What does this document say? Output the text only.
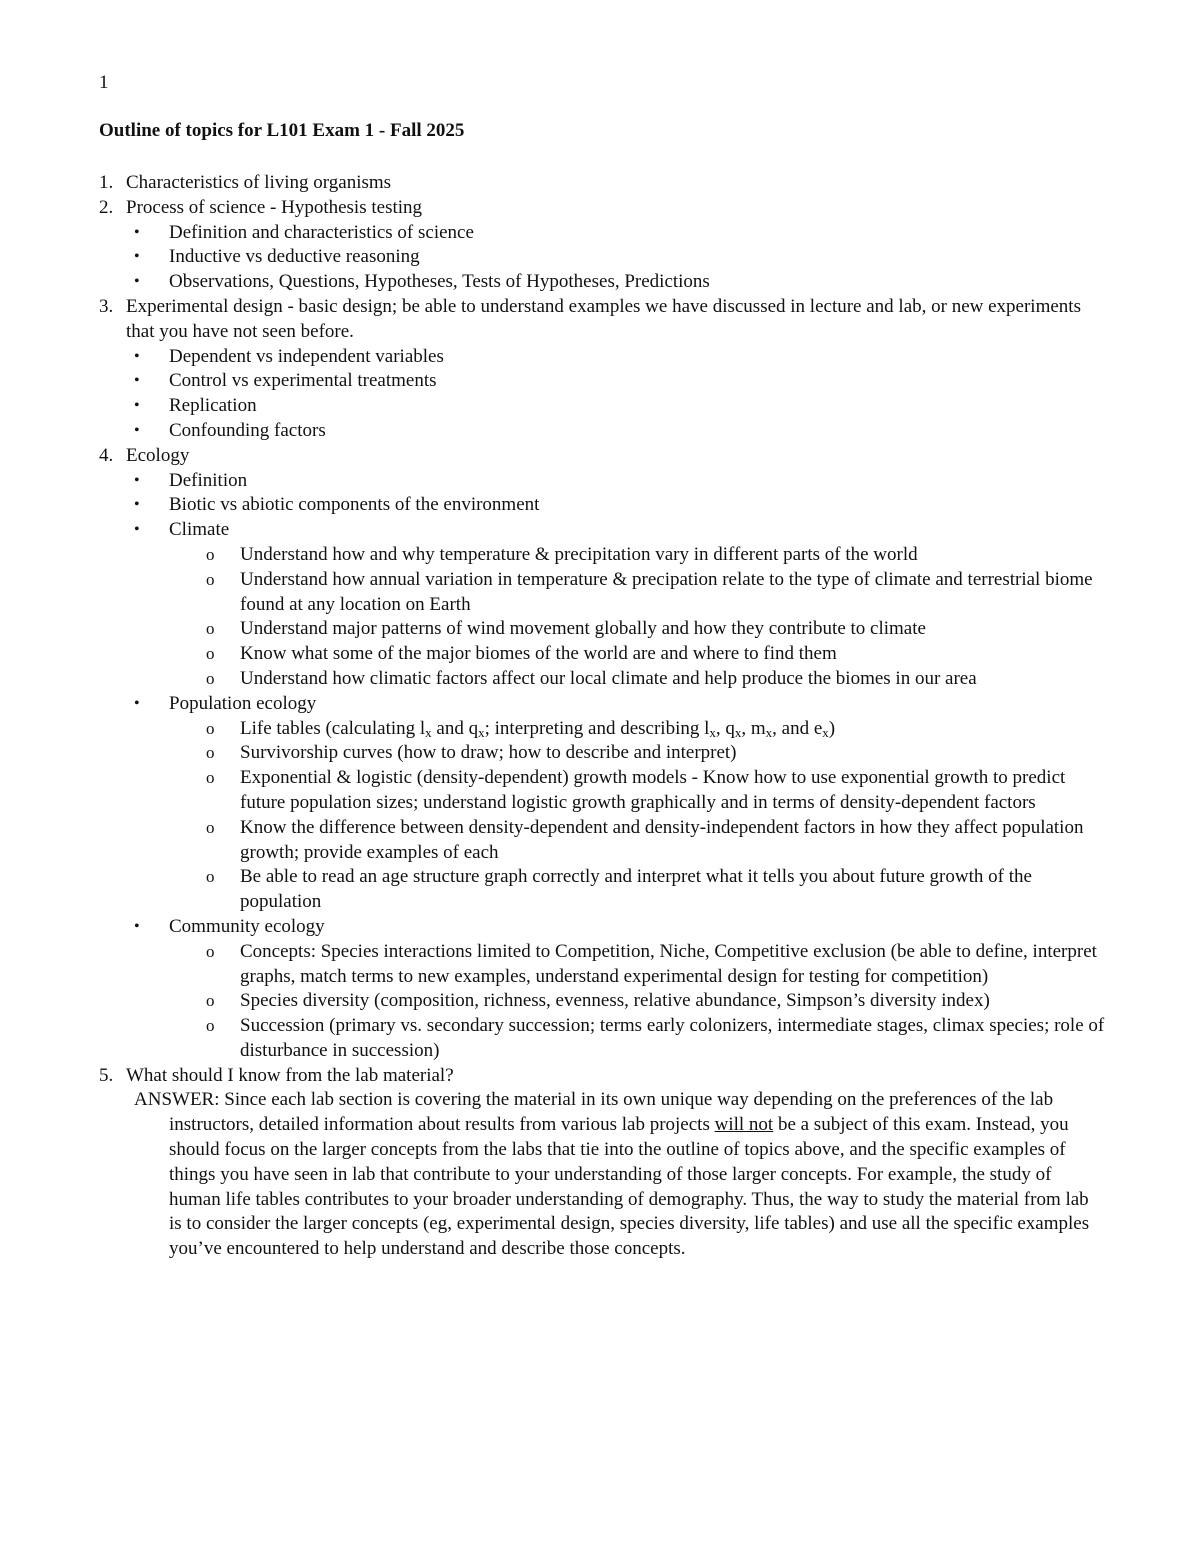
1
Outline of topics for L101 Exam 1 - Fall 2025
1. Characteristics of living organisms
2. Process of science - Hypothesis testing
• Definition and characteristics of science
• Inductive vs deductive reasoning
• Observations, Questions, Hypotheses, Tests of Hypotheses, Predictions
3. Experimental design - basic design; be able to understand examples we have discussed in lecture and lab, or new experiments that you have not seen before.
• Dependent vs independent variables
• Control vs experimental treatments
• Replication
• Confounding factors
4. Ecology
• Definition
• Biotic vs abiotic components of the environment
• Climate
o Understand how and why temperature & precipitation vary in different parts of the world
o Understand how annual variation in temperature & precipation relate to the type of climate and terrestrial biome found at any location on Earth
o Understand major patterns of wind movement globally and how they contribute to climate
o Know what some of the major biomes of the world are and where to find them
o Understand how climatic factors affect our local climate and help produce the biomes in our area
• Population ecology
o Life tables (calculating $l_x$ and $q_x$; interpreting and describing $l_x$, $q_x$, $m_x$, and $e_x$)
o Survivorship curves (how to draw; how to describe and interpret)
o Exponential & logistic (density-dependent) growth models - Know how to use exponential growth to predict future population sizes; understand logistic growth graphically and in terms of density-dependent factors
o Know the difference between density-dependent and density-independent factors in how they affect population growth; provide examples of each
o Be able to read an age structure graph correctly and interpret what it tells you about future growth of the population
• Community ecology
o Concepts: Species interactions limited to Competition, Niche, Competitive exclusion (be able to define, interpret graphs, match terms to new examples, understand experimental design for testing for competition)
o Species diversity (composition, richness, evenness, relative abundance, Simpson’s diversity index)
o Succession (primary vs. secondary succession; terms early colonizers, intermediate stages, climax species; role of disturbance in succession)
5. What should I know from the lab material?
ANSWER: Since each lab section is covering the material in its own unique way depending on the preferences of the lab instructors, detailed information about results from various lab projects will not be a subject of this exam. Instead, you should focus on the larger concepts from the labs that tie into the outline of topics above, and the specific examples of things you have seen in lab that contribute to your understanding of those larger concepts. For example, the study of human life tables contributes to your broader understanding of demography. Thus, the way to study the material from lab is to consider the larger concepts (eg, experimental design, species diversity, life tables) and use all the specific examples you’ve encountered to help understand and describe those concepts.
